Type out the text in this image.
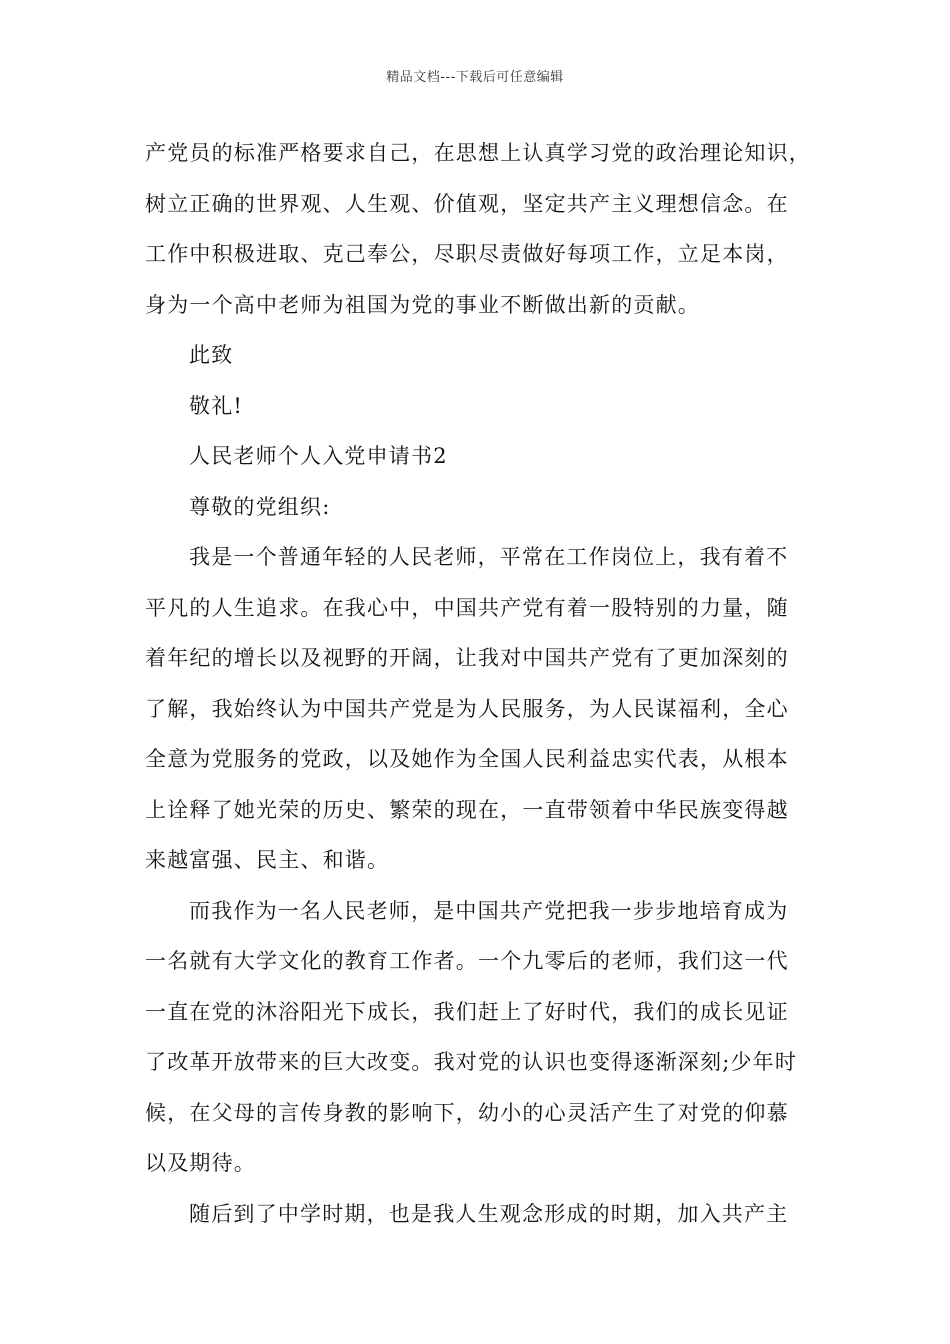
精品文档---下载后可任意编辑
产党员的标准严格要求自己，在思想上认真学习党的政治理论知识，
树立正确的世界观、人生观、价值观，坚定共产主义理想信念。在
工作中积极进取、克己奉公，尽职尽责做好每项工作，立足本岗，
身为一个高中老师为祖国为党的事业不断做出新的贡献。
此致
敬礼!
人民老师个人入党申请书2
尊敬的党组织:
我是一个普通年轻的人民老师，平常在工作岗位上，我有着不
平凡的人生追求。在我心中，中国共产党有着一股特别的力量，随
着年纪的增长以及视野的开阔，让我对中国共产党有了更加深刻的
了解，我始终认为中国共产党是为人民服务，为人民谋福利，全心
全意为党服务的党政，以及她作为全国人民利益忠实代表，从根本
上诠释了她光荣的历史、繁荣的现在，一直带领着中华民族变得越
来越富强、民主、和谐。
而我作为一名人民老师，是中国共产党把我一步步地培育成为
一名就有大学文化的教育工作者。一个九零后的老师，我们这一代
一直在党的沐浴阳光下成长，我们赶上了好时代，我们的成长见证
了改革开放带来的巨大改变。我对党的认识也变得逐渐深刻;少年时
候，在父母的言传身教的影响下，幼小的心灵活产生了对党的仰慕
以及期待。
随后到了中学时期，也是我人生观念形成的时期，加入共产主
